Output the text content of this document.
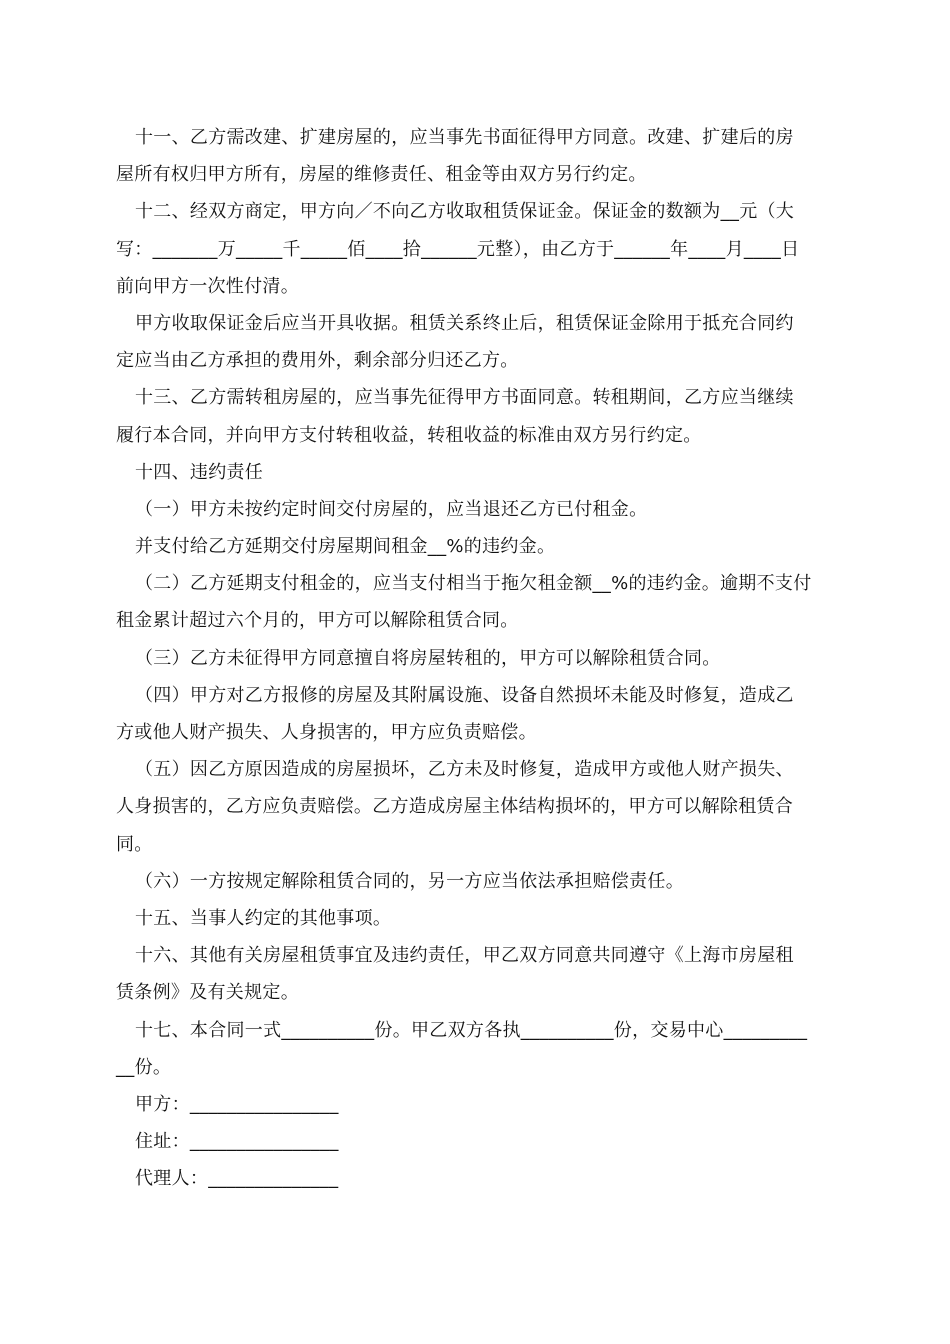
十一、乙方需改建、扩建房屋的，应当事先书面征得甲方同意。改建、扩建后的房
屋所有权归甲方所有，房屋的维修责任、租金等由双方另行约定。
十二、经双方商定，甲方向／不向乙方收取租赁保证金。保证金的数额为__元（大
写：_______万_____千_____佰____拾______元整），由乙方于______年____月____日
前向甲方一次性付清。
甲方收取保证金后应当开具收据。租赁关系终止后，租赁保证金除用于抵充合同约
定应当由乙方承担的费用外，剩余部分归还乙方。
十三、乙方需转租房屋的，应当事先征得甲方书面同意。转租期间，乙方应当继续
履行本合同，并向甲方支付转租收益，转租收益的标准由双方另行约定。
十四、违约责任
（一）甲方未按约定时间交付房屋的，应当退还乙方已付租金。
并支付给乙方延期交付房屋期间租金__%的违约金。
（二）乙方延期支付租金的，应当支付相当于拖欠租金额__%的违约金。逾期不支付
租金累计超过六个月的，甲方可以解除租赁合同。
（三）乙方未征得甲方同意擅自将房屋转租的，甲方可以解除租赁合同。
（四）甲方对乙方报修的房屋及其附属设施、设备自然损坏未能及时修复，造成乙
方或他人财产损失、人身损害的，甲方应负责赔偿。
（五）因乙方原因造成的房屋损坏，乙方未及时修复，造成甲方或他人财产损失、
人身损害的，乙方应负责赔偿。乙方造成房屋主体结构损坏的，甲方可以解除租赁合
同。
（六）一方按规定解除租赁合同的，另一方应当依法承担赔偿责任。
十五、当事人约定的其他事项。
十六、其他有关房屋租赁事宜及违约责任，甲乙双方同意共同遵守《上海市房屋租
赁条例》及有关规定。
十七、本合同一式__________份。甲乙双方各执__________份，交易中心_________
__份。
甲方：________________
住址：________________
代理人：______________
